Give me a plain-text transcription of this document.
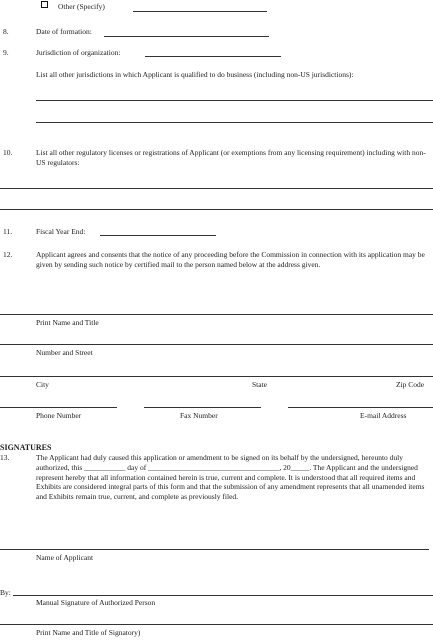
Other (Specify)
8.	Date of formation:
9.	Jurisdiction of organization:
List all other jurisdictions in which Applicant is qualified to do business (including non-US jurisdictions):
10.	List all other regulatory licenses or registrations of Applicant (or exemptions from any licensing requirement) including with non-US regulators:
11.	Fiscal Year End:
12.	Applicant agrees and consents that the notice of any proceeding before the Commission in connection with its application may be given by sending such notice by certified mail to the person named below at the address given.
Print Name and Title
Number and Street
City	State	Zip Code
Phone Number	Fax Number	E-mail Address
SIGNATURES
13.	The Applicant had duly caused this application or amendment to be signed on its behalf by the undersigned, hereunto duly authorized, this ___________ day of ___________________________________, 20_____. The Applicant and the undersigned represent hereby that all information contained herein is true, current and complete. It is understood that all required items and Exhibits are considered integral parts of this form and that the submission of any amendment represents that all unamended items and Exhibits remain true, current, and complete as previously filed.
Name of Applicant
By:
Manual Signature of Authorized Person
Print Name and Title of Signatory)
